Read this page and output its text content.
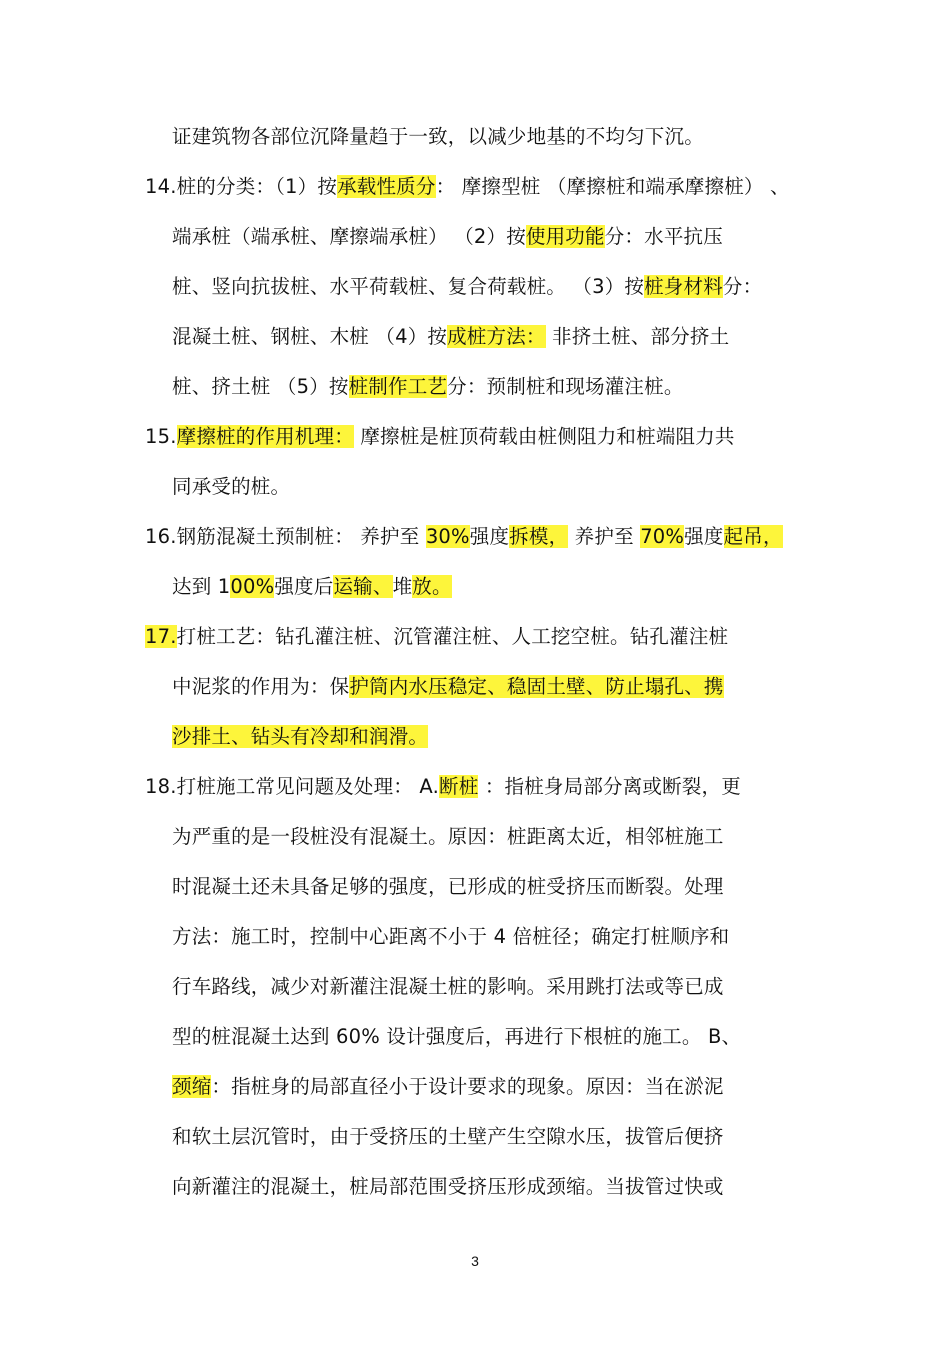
证建筑物各部位沉降量趋于一致，以减少地基的不均匀下沉。
14.桩的分类：（1）按承载性质分： 摩擦型桩 （摩擦桩和端承摩擦桩） 、
端承桩（端承桩、摩擦端承桩） （2）按使用功能分：水平抗压
桩、竖向抗拔桩、水平荷载桩、复合荷载桩。 （3）按桩身材料分：
混凝土桩、钢桩、木桩 （4）按成桩方法： 非挤土桩、部分挤土
桩、挤土桩 （5）按桩制作工艺分：预制桩和现场灌注桩。
15.摩擦桩的作用机理： 摩擦桩是桩顶荷载由桩侧阻力和桩端阻力共
同承受的桩。
16.钢筋混凝土预制桩： 养护至 30%强度拆模， 养护至 70%强度起吊，
达到 100%强度后运输、堆放。
17.打桩工艺：钻孔灌注桩、沉管灌注桩、人工挖空桩。钻孔灌注桩
中泥浆的作用为：保护筒内水压稳定、稳固土壁、防止塌孔、携
沙排土、钻头有冷却和润滑。
18.打桩施工常见问题及处理： A.断桩 ：指桩身局部分离或断裂，更
为严重的是一段桩没有混凝土。原因：桩距离太近，相邻桩施工
时混凝土还未具备足够的强度，已形成的桩受挤压而断裂。处理
方法：施工时，控制中心距离不小于 4 倍桩径；确定打桩顺序和
行车路线，减少对新灌注混凝土桩的影响。采用跳打法或等已成
型的桩混凝土达到 60% 设计强度后，再进行下根桩的施工。 B、
颈缩：指桩身的局部直径小于设计要求的现象。原因：当在淤泥
和软土层沉管时，由于受挤压的土壁产生空隙水压，拔管后便挤
向新灌注的混凝土，桩局部范围受挤压形成颈缩。当拔管过快或
3
